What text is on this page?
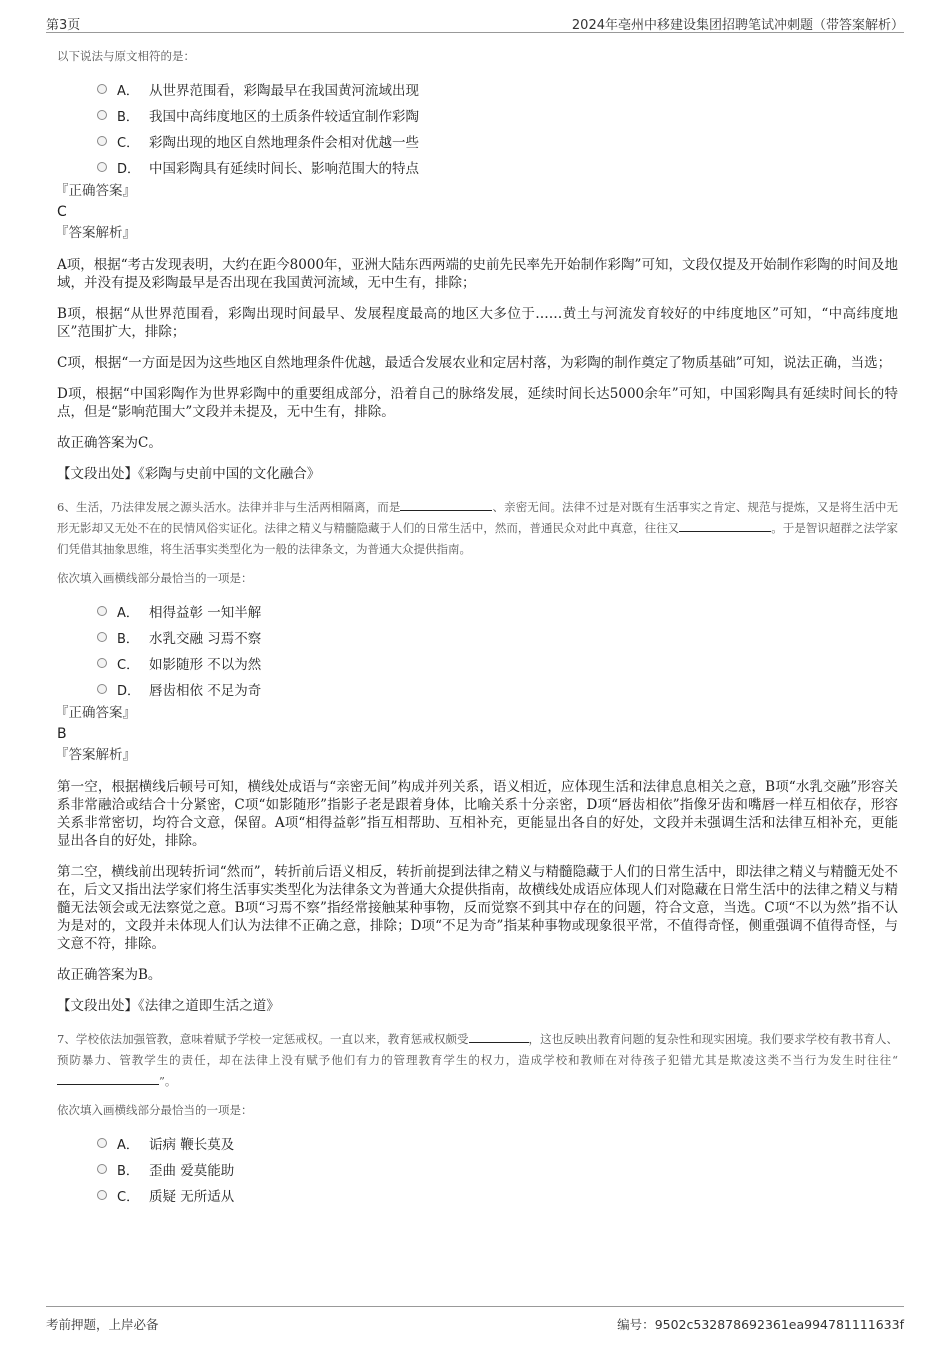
第3页	2024年亳州中移建设集团招聘笔试冲刺题（带答案解析）
以下说法与原文相符的是：
A． 从世界范围看，彩陶最早在我国黄河流域出现
B． 我国中高纬度地区的土质条件较适宜制作彩陶
C． 彩陶出现的地区自然地理条件会相对优越一些
D． 中国彩陶具有延续时间长、影响范围大的特点
『正确答案』
C
『答案解析』

A项，根据“考古发现表明，大约在距今8000年，亚洲大陆东西两端的史前先民率先开始制作彩陶”可知，文段仅提及开始制作彩陶的时间及地域，并没有提及彩陶最早是否出现在我国黄河流域，无中生有，排除；

B项，根据“从世界范围看，彩陶出现时间最早、发展程度最高的地区大多位于……黄土与河流发育较好的中纬度地区”可知，“中高纬度地区”范围扩大，排除；

C项，根据“一方面是因为这些地区自然地理条件优越，最适合发展农业和定居村落，为彩陶的制作奠定了物质基础”可知，说法正确，当选；

D项，根据“中国彩陶作为世界彩陶中的重要组成部分，沿着自己的脉络发展，延续时间长达5000余年”可知，中国彩陶具有延续时间长的特点，但是“影响范围大”文段并未提及，无中生有，排除。

故正确答案为C。

【文段出处】《彩陶与史前中国的文化融合》

6、生活，乃法律发展之源头活水。法律并非与生活两相隔离，而是	、亲密无间。法律不过是对既有生活事实之肯定、规范与提炼，又是将生活中无形无影却又无处不在的民情风俗实证化。法律之精义与精髓隐藏于人们的日常生活中，然而，普通民众对此中真意，往往又	。于是智识超群之法学家们凭借其抽象思维，将生活事实类型化为一般的法律条文，为普通大众提供指南。

依次填入画横线部分最恰当的一项是：
A． 相得益彰 一知半解
B． 水乳交融 习焉不察
C． 如影随形 不以为然
D． 唇齿相依 不足为奇
『正确答案』
B
『答案解析』

第一空，根据横线后顿号可知，横线处成语与“亲密无间”构成并列关系，语义相近，应体现生活和法律息息相关之意，B项“水乳交融”形容关系非常融洽或结合十分紧密，C项“如影随形”指影子老是跟着身体，比喻关系十分亲密，D项“唇齿相依”指像牙齿和嘴唇一样互相依存，形容关系非常密切，均符合文意，保留。A项“相得益彰”指互相帮助、互相补充，更能显出各自的好处，文段并未强调生活和法律互相补充，更能显出各自的好处，排除。

第二空，横线前出现转折词“然而”，转折前后语义相反，转折前提到法律之精义与精髓隐藏于人们的日常生活中，即法律之精义与精髓无处不在，后文又指出法学家们将生活事实类型化为法律条文为普通大众提供指南，故横线处成语应体现人们对隐藏在日常生活中的法律之精义与精髓无法领会或无法察觉之意。B项“习焉不察”指经常接触某种事物，反而觉察不到其中存在的问题，符合文意，当选。C项“不以为然”指不认为是对的，文段并未体现人们认为法律不正确之意，排除；D项“不足为奇”指某种事物或现象很平常，不值得奇怪，侧重强调不值得奇怪，与文意不符，排除。

故正确答案为B。

【文段出处】《法律之道即生活之道》

7、学校依法加强管教，意味着赋予学校一定惩戒权。一直以来，教育惩戒权颇受	，这也反映出教育问题的复杂性和现实困境。我们要求学校有教书育人、预防暴力、管教学生的责任，却在法律上没有赋予他们有力的管理教育学生的权力，造成学校和教师在对待孩子犯错尤其是欺凌这类不当行为发生时往往“”。

依次填入画横线部分最恰当的一项是：
A． 诟病 鞭长莫及
B． 歪曲 爱莫能助
C． 质疑 无所适从
考前押题，上岸必备	编号：9502c532878692361ea994781111633f
